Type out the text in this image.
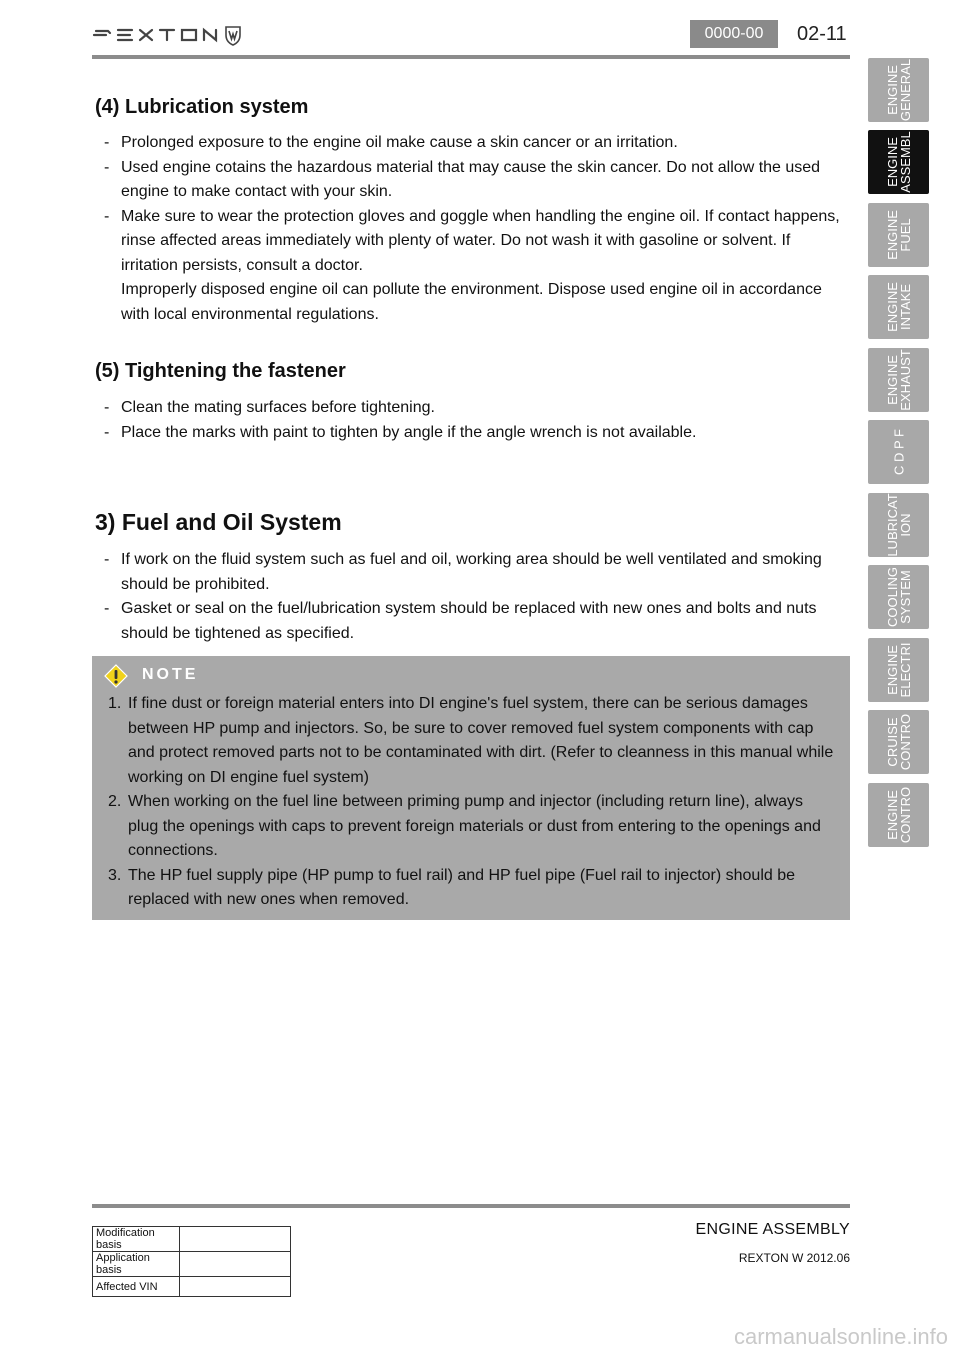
0000-00	02-11
ENGINE
GENERAL
ENGINE
ASSEMBL
ENGINE
FUEL
ENGINE
INTAKE
ENGINE
EXHAUST
C D P F
LUBRICAT
ION
COOLING
SYSTEM
ENGINE
ELECTRI
CRUISE
CONTRO
ENGINE
CONTRO
(4) Lubrication system
- Prolonged exposure to the engine oil make cause a skin cancer or an irritation.
- Used engine cotains the hazardous material that may cause the skin cancer. Do not allow the used engine to make contact with your skin.
- Make sure to wear the protection gloves and goggle when handling the engine oil. If contact happens, rinse affected areas immediately with plenty of water. Do not wash it with gasoline or solvent. If irritation persists, consult a doctor.
Improperly disposed engine oil can pollute the environment. Dispose used engine oil in accordance with local environmental regulations.
(5) Tightening the fastener
- Clean the mating surfaces before tightening.
- Place the marks with paint to tighten by angle if the angle wrench is not available.
3) Fuel and Oil System
- If work on the fluid system such as fuel and oil, working area should be well ventilated and smoking should be prohibited.
- Gasket or seal on the fuel/lubrication system should be replaced with new ones and bolts and nuts should be tightened as specified.
NOTE
1. If fine dust or foreign material enters into DI engine's fuel system, there can be serious damages between HP pump and injectors. So, be sure to cover removed fuel system components with cap and protect removed parts not to be contaminated with dirt. (Refer to cleanness in this manual while working on DI engine fuel system)
2. When working on the fuel line between priming pump and injector (including return line), always plug the openings with caps to prevent foreign materials or dust from entering to the openings and connections.
3. The HP fuel supply pipe (HP pump to fuel rail) and HP fuel pipe (Fuel rail to injector) should be replaced with new ones when removed.
Modification basis	
Application basis	
Affected VIN	
ENGINE ASSEMBLY
REXTON W 2012.06
carmanualsonline.info
